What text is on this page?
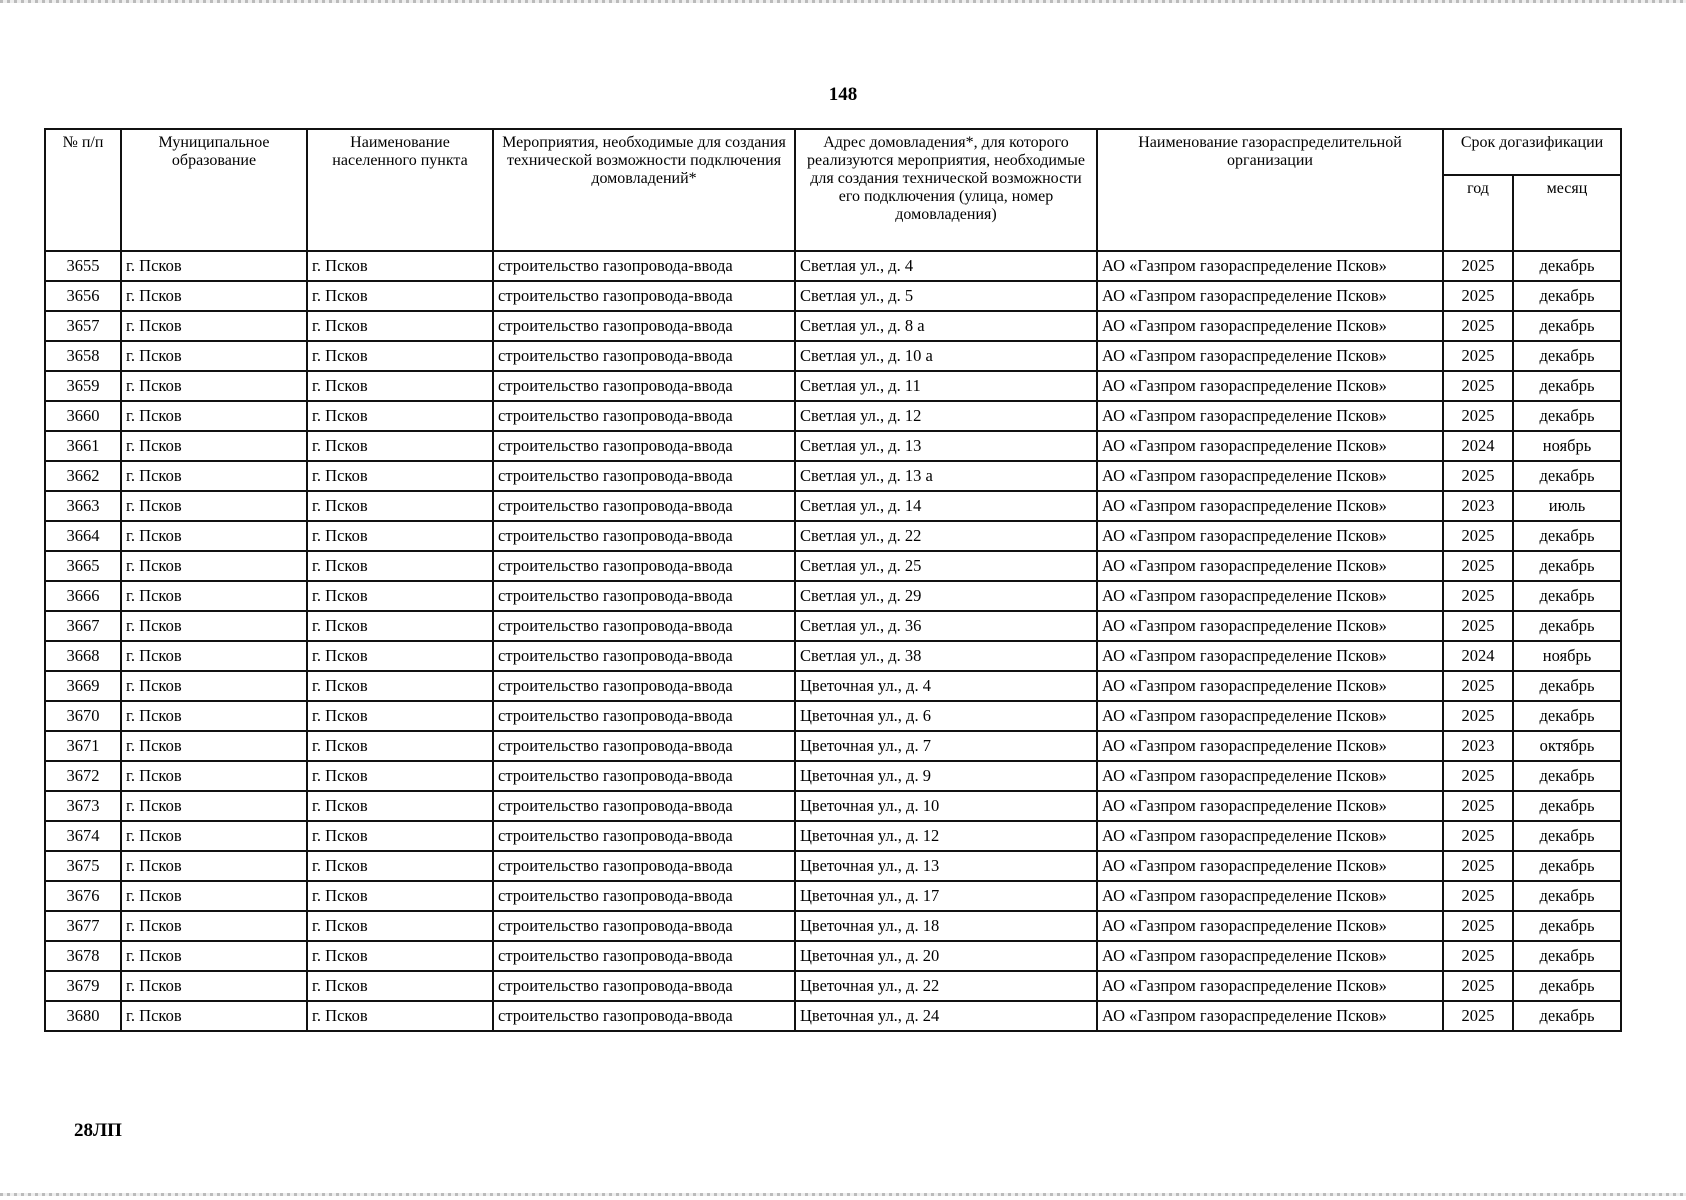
148
№ п/п	Муниципальное образование	Наименование населенного пункта	Мероприятия, необходимые для создания технической возможности подключения домовладений*	Адрес домовладения*, для которого реализуются мероприятия, необходимые для создания технической возможности его подключения (улица, номер домовладения)	Наименование газораспределительной организации	Срок догазификации	
						год	месяц
3655	г. Псков	г. Псков	строительство газопровода-ввода	Светлая ул., д. 4	АО «Газпром газораспределение Псков»	2025	декабрь
3656	г. Псков	г. Псков	строительство газопровода-ввода	Светлая ул., д. 5	АО «Газпром газораспределение Псков»	2025	декабрь
3657	г. Псков	г. Псков	строительство газопровода-ввода	Светлая ул., д. 8 а	АО «Газпром газораспределение Псков»	2025	декабрь
3658	г. Псков	г. Псков	строительство газопровода-ввода	Светлая ул., д. 10 а	АО «Газпром газораспределение Псков»	2025	декабрь
3659	г. Псков	г. Псков	строительство газопровода-ввода	Светлая ул., д. 11	АО «Газпром газораспределение Псков»	2025	декабрь
3660	г. Псков	г. Псков	строительство газопровода-ввода	Светлая ул., д. 12	АО «Газпром газораспределение Псков»	2025	декабрь
3661	г. Псков	г. Псков	строительство газопровода-ввода	Светлая ул., д. 13	АО «Газпром газораспределение Псков»	2024	ноябрь
3662	г. Псков	г. Псков	строительство газопровода-ввода	Светлая ул., д. 13 а	АО «Газпром газораспределение Псков»	2025	декабрь
3663	г. Псков	г. Псков	строительство газопровода-ввода	Светлая ул., д. 14	АО «Газпром газораспределение Псков»	2023	июль
3664	г. Псков	г. Псков	строительство газопровода-ввода	Светлая ул., д. 22	АО «Газпром газораспределение Псков»	2025	декабрь
3665	г. Псков	г. Псков	строительство газопровода-ввода	Светлая ул., д. 25	АО «Газпром газораспределение Псков»	2025	декабрь
3666	г. Псков	г. Псков	строительство газопровода-ввода	Светлая ул., д. 29	АО «Газпром газораспределение Псков»	2025	декабрь
3667	г. Псков	г. Псков	строительство газопровода-ввода	Светлая ул., д. 36	АО «Газпром газораспределение Псков»	2025	декабрь
3668	г. Псков	г. Псков	строительство газопровода-ввода	Светлая ул., д. 38	АО «Газпром газораспределение Псков»	2024	ноябрь
3669	г. Псков	г. Псков	строительство газопровода-ввода	Цветочная ул., д. 4	АО «Газпром газораспределение Псков»	2025	декабрь
3670	г. Псков	г. Псков	строительство газопровода-ввода	Цветочная ул., д. 6	АО «Газпром газораспределение Псков»	2025	декабрь
3671	г. Псков	г. Псков	строительство газопровода-ввода	Цветочная ул., д. 7	АО «Газпром газораспределение Псков»	2023	октябрь
3672	г. Псков	г. Псков	строительство газопровода-ввода	Цветочная ул., д. 9	АО «Газпром газораспределение Псков»	2025	декабрь
3673	г. Псков	г. Псков	строительство газопровода-ввода	Цветочная ул., д. 10	АО «Газпром газораспределение Псков»	2025	декабрь
3674	г. Псков	г. Псков	строительство газопровода-ввода	Цветочная ул., д. 12	АО «Газпром газораспределение Псков»	2025	декабрь
3675	г. Псков	г. Псков	строительство газопровода-ввода	Цветочная ул., д. 13	АО «Газпром газораспределение Псков»	2025	декабрь
3676	г. Псков	г. Псков	строительство газопровода-ввода	Цветочная ул., д. 17	АО «Газпром газораспределение Псков»	2025	декабрь
3677	г. Псков	г. Псков	строительство газопровода-ввода	Цветочная ул., д. 18	АО «Газпром газораспределение Псков»	2025	декабрь
3678	г. Псков	г. Псков	строительство газопровода-ввода	Цветочная ул., д. 20	АО «Газпром газораспределение Псков»	2025	декабрь
3679	г. Псков	г. Псков	строительство газопровода-ввода	Цветочная ул., д. 22	АО «Газпром газораспределение Псков»	2025	декабрь
3680	г. Псков	г. Псков	строительство газопровода-ввода	Цветочная ул., д. 24	АО «Газпром газораспределение Псков»	2025	декабрь
28ЛП
